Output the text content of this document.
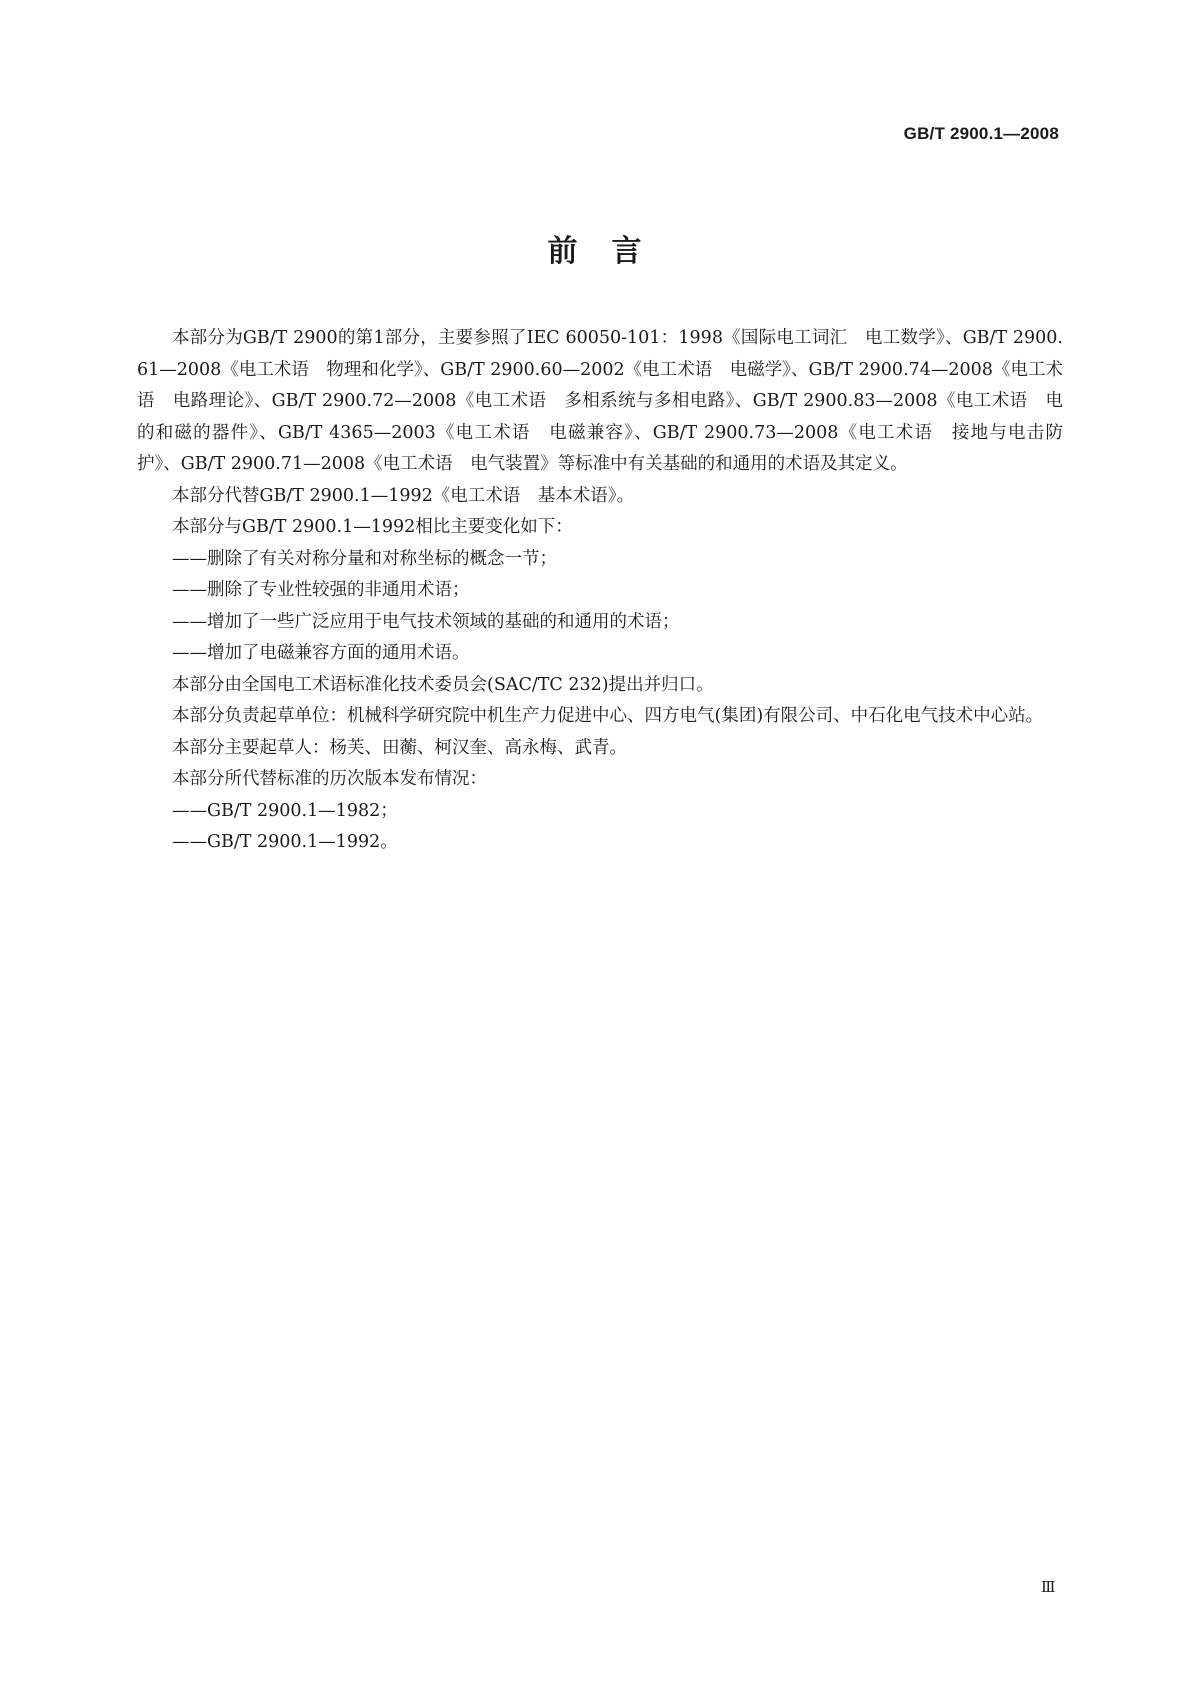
GB/T 2900.1—2008
前　言

本部分为GB/T 2900的第1部分，主要参照了IEC 60050-101：1998《国际电工词汇　电工数学》、GB/T 2900.61—2008《电工术语　物理和化学》、GB/T 2900.60—2002《电工术语　电磁学》、GB/T 2900.74—2008《电工术语　电路理论》、GB/T 2900.72—2008《电工术语　多相系统与多相电路》、GB/T 2900.83—2008《电工术语　电的和磁的器件》、GB/T 4365—2003《电工术语　电磁兼容》、GB/T 2900.73—2008《电工术语　接地与电击防护》、GB/T 2900.71—2008《电工术语　电气装置》等标准中有关基础的和通用的术语及其定义。

本部分代替GB/T 2900.1—1992《电工术语　基本术语》。

本部分与GB/T 2900.1—1992相比主要变化如下：

——删除了有关对称分量和对称坐标的概念一节；

——删除了专业性较强的非通用术语；

——增加了一些广泛应用于电气技术领域的基础的和通用的术语；

——增加了电磁兼容方面的通用术语。

本部分由全国电工术语标准化技术委员会(SAC/TC 232)提出并归口。

本部分负责起草单位：机械科学研究院中机生产力促进中心、四方电气(集团)有限公司、中石化电气技术中心站。

本部分主要起草人：杨芙、田蘅、柯汉奎、高永梅、武青。

本部分所代替标准的历次版本发布情况：

——GB/T 2900.1—1982；

——GB/T 2900.1—1992。

Ⅲ
